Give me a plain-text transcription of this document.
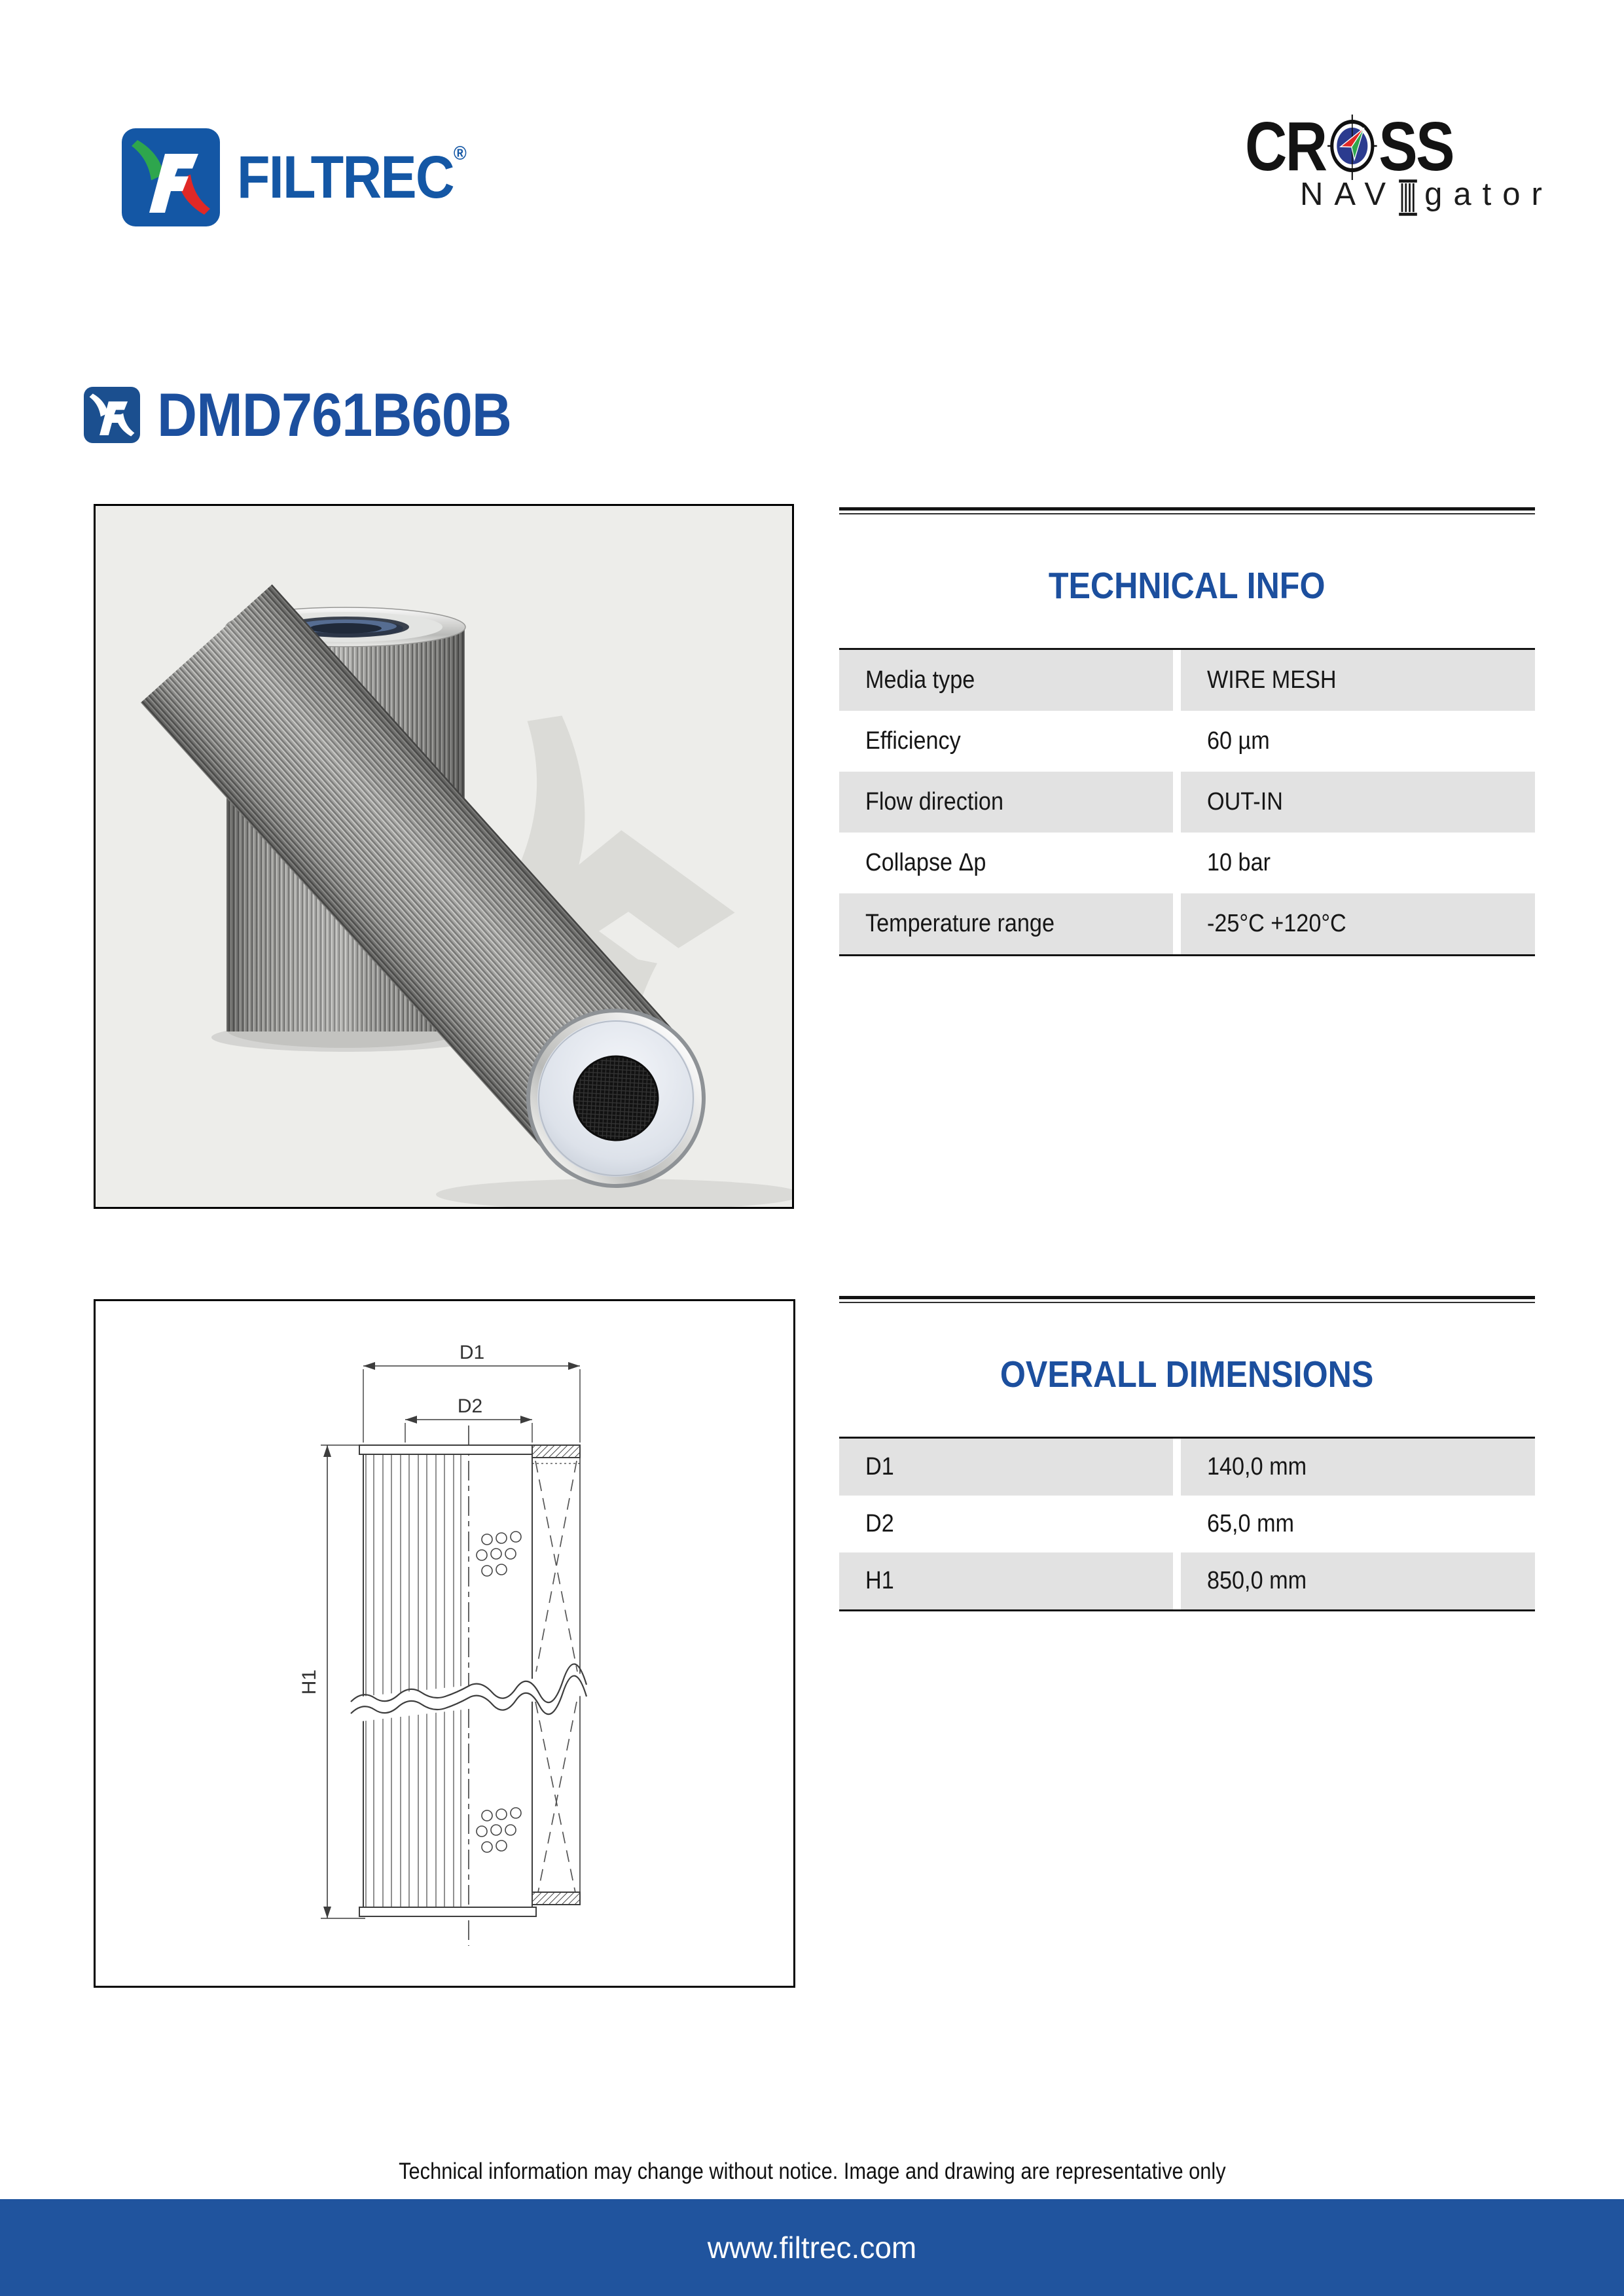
FILTREC®	CR SS
NAV gator
DMD761B60B
TECHNICAL INFO
Media type	WIRE MESH
Efficiency	60 µm
Flow direction	OUT-IN
Collapse Δp	10 bar
Temperature range	-25°C +120°C
D1
D2
H1
OVERALL DIMENSIONS
D1	140,0 mm
D2	65,0 mm
H1	850,0 mm
Technical information may change without notice. Image and drawing are representative only
www.filtrec.com
